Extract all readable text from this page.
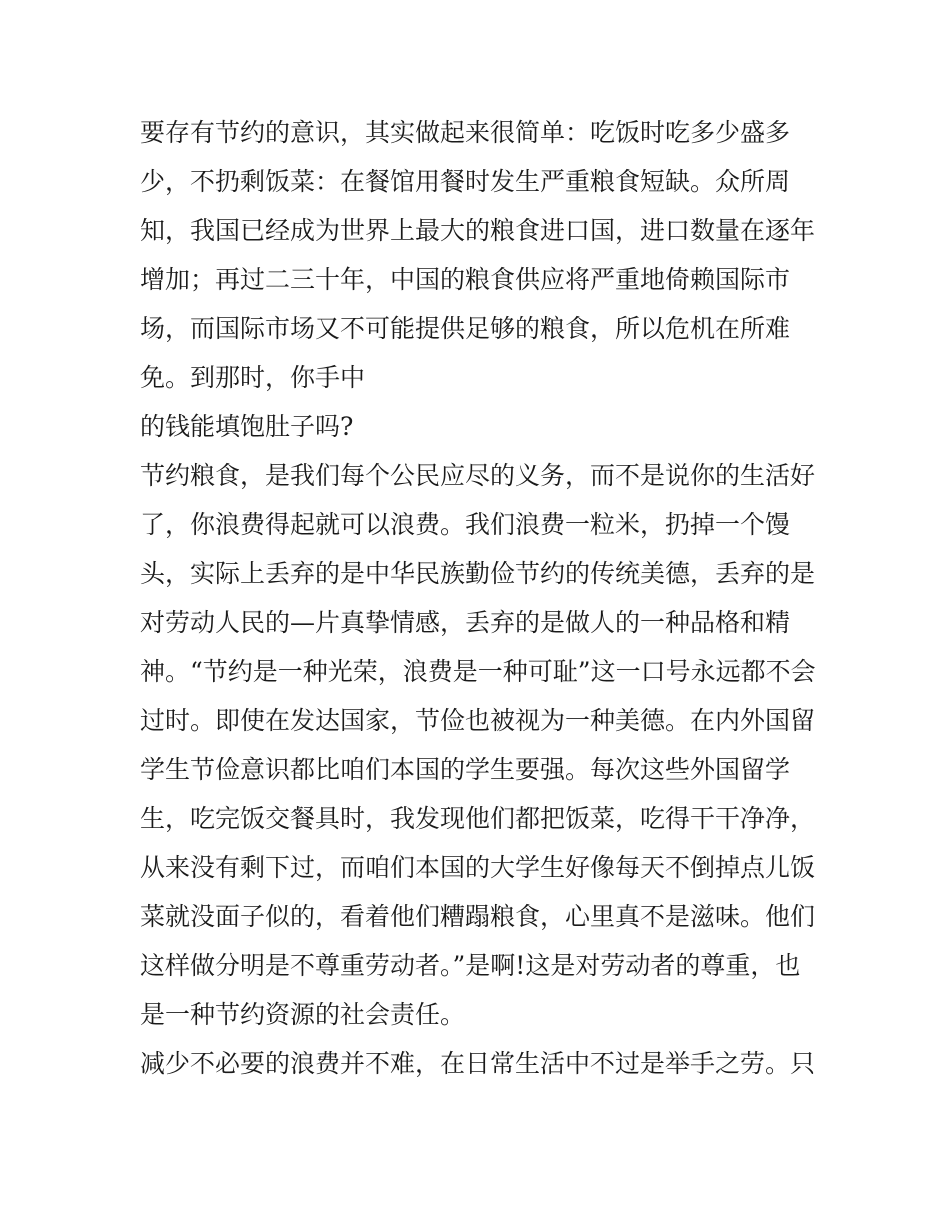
要存有节约的意识，其实做起来很简单：吃饭时吃多少盛多
少，不扔剩饭菜：在餐馆用餐时发生严重粮食短缺。众所周
知，我国已经成为世界上最大的粮食进口国，进口数量在逐年
增加；再过二三十年，中国的粮食供应将严重地倚赖国际市
场，而国际市场又不可能提供足够的粮食，所以危机在所难
免。到那时，你手中
的钱能填饱肚子吗?
节约粮食，是我们每个公民应尽的义务，而不是说你的生活好
了，你浪费得起就可以浪费。我们浪费一粒米，扔掉一个馒
头，实际上丢弃的是中华民族勤俭节约的传统美德，丢弃的是
对劳动人民的—片真挚情感，丢弃的是做人的一种品格和精
神。“节约是一种光荣，浪费是一种可耻”这一口号永远都不会
过时。即使在发达国家，节俭也被视为一种美德。在内外国留
学生节俭意识都比咱们本国的学生要强。每次这些外国留学
生，吃完饭交餐具时，我发现他们都把饭菜，吃得干干净净，
从来没有剩下过，而咱们本国的大学生好像每天不倒掉点儿饭
菜就没面子似的，看着他们糟蹋粮食，心里真不是滋味。他们
这样做分明是不尊重劳动者。”是啊!这是对劳动者的尊重，也
是一种节约资源的社会责任。
减少不必要的浪费并不难，在日常生活中不过是举手之劳。只
